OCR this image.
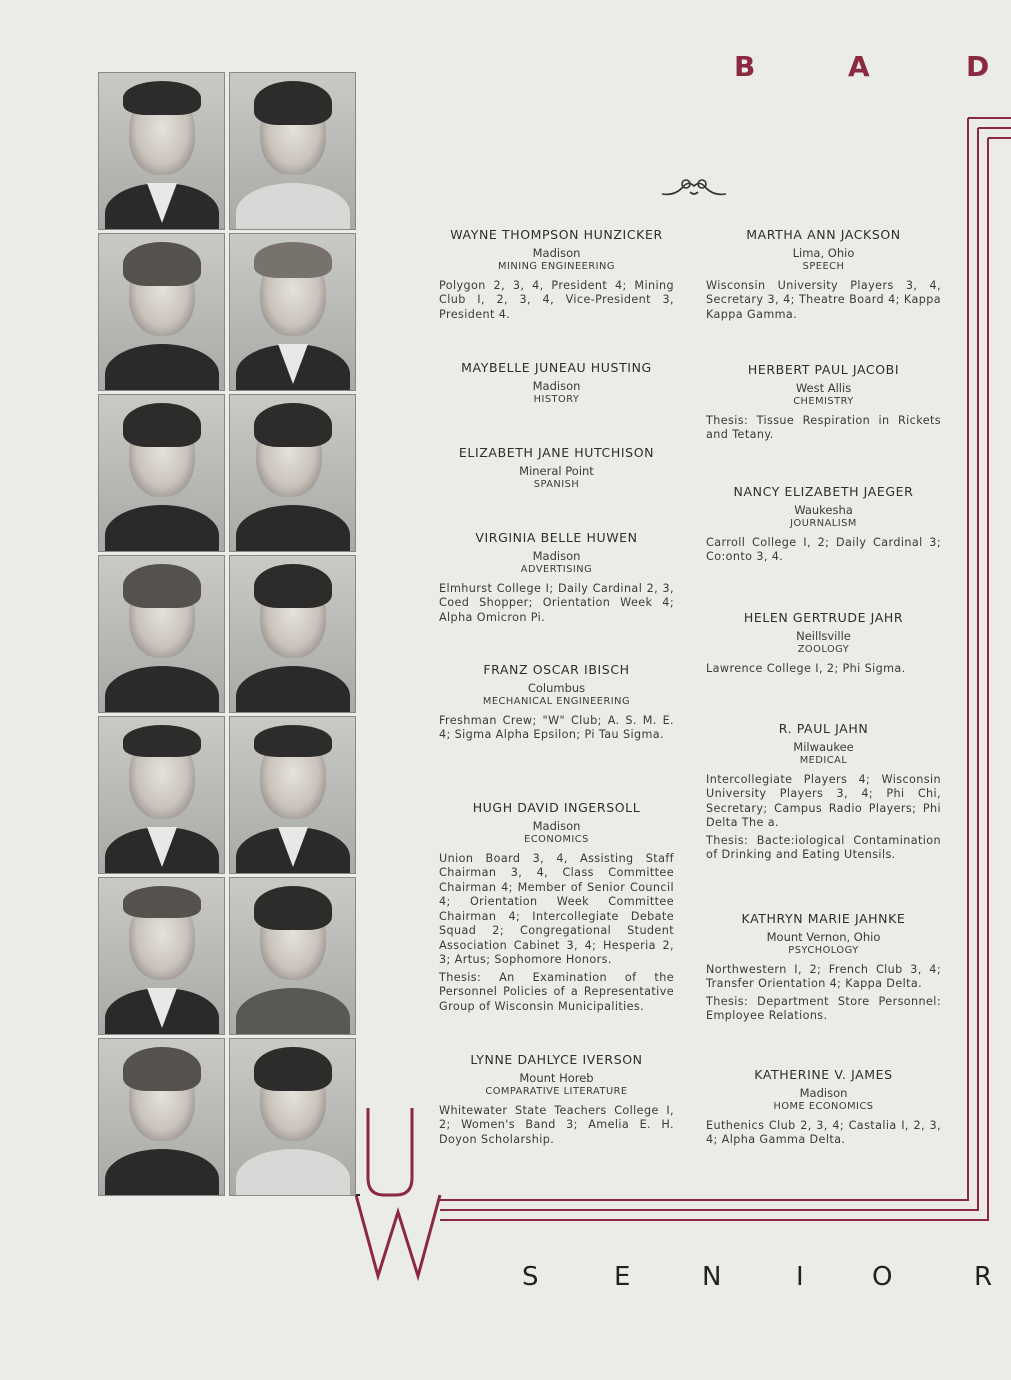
B	A	D
WAYNE THOMPSON HUNZICKER
Madison
MINING ENGINEERING
Polygon 2, 3, 4, President 4; Mining Club I, 2, 3, 4, Vice-President 3, President 4.
MAYBELLE JUNEAU HUSTING
Madison
HISTORY
ELIZABETH JANE HUTCHISON
Mineral Point
SPANISH
VIRGINIA BELLE HUWEN
Madison
ADVERTISING
Elmhurst College I; Daily Cardinal 2, 3, Coed Shopper; Orientation Week 4; Alpha Omicron Pi.
FRANZ OSCAR IBISCH
Columbus
MECHANICAL ENGINEERING
Freshman Crew; "W" Club; A. S. M. E. 4; Sigma Alpha Epsilon; Pi Tau Sigma.
HUGH DAVID INGERSOLL
Madison
ECONOMICS
Union Board 3, 4, Assisting Staff Chairman 3, 4, Class Committee Chairman 4; Member of Senior Council 4; Orientation Week Committee Chairman 4; Intercollegiate Debate Squad 2; Congregational Student Association Cabinet 3, 4; Hesperia 2, 3; Artus; Sophomore Honors.
Thesis: An Examination of the Personnel Policies of a Representative Group of Wisconsin Municipalities.
LYNNE DAHLYCE IVERSON
Mount Horeb
COMPARATIVE LITERATURE
Whitewater State Teachers College I, 2; Women's Band 3; Amelia E. H. Doyon Scholarship.
MARTHA ANN JACKSON
Lima, Ohio
SPEECH
Wisconsin University Players 3, 4, Secretary 3, 4; Theatre Board 4; Kappa Kappa Gamma.
HERBERT PAUL JACOBI
West Allis
CHEMISTRY
Thesis: Tissue Respiration in Rickets and Tetany.
NANCY ELIZABETH JAEGER
Waukesha
JOURNALISM
Carroll College I, 2; Daily Cardinal 3; Co:onto 3, 4.
HELEN GERTRUDE JAHR
Neillsville
ZOOLOGY
Lawrence College I, 2; Phi Sigma.
R. PAUL JAHN
Milwaukee
MEDICAL
Intercollegiate Players 4; Wisconsin University Players 3, 4; Phi Chi, Secretary; Campus Radio Players; Phi Delta The a.
Thesis: Bacte:iological Contamination of Drinking and Eating Utensils.
KATHRYN MARIE JAHNKE
Mount Vernon, Ohio
PSYCHOLOGY
Northwestern I, 2; French Club 3, 4; Transfer Orientation 4; Kappa Delta.
Thesis: Department Store Personnel: Employee Relations.
KATHERINE V. JAMES
Madison
HOME ECONOMICS
Euthenics Club 2, 3, 4; Castalia I, 2, 3, 4; Alpha Gamma Delta.
S	E	N	I	O	R
